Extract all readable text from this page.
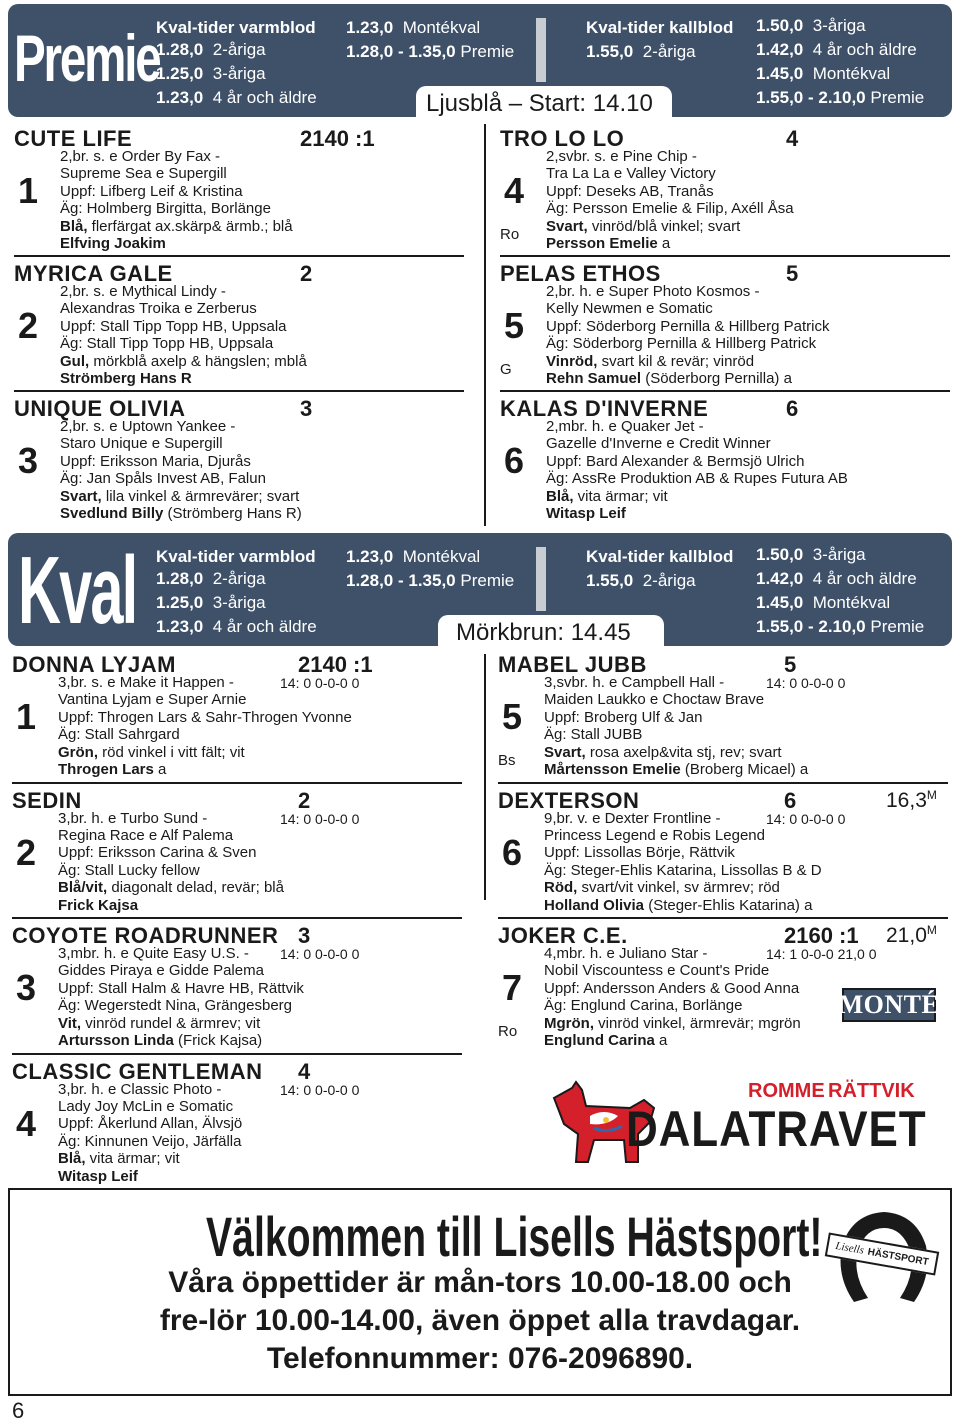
Premie
Kval-tider varmblod
1.28,0 2-åriga
1.25,0 3-åriga
1.23,0 4 år och äldre
1.23,0 Montékval
1.28,0 - 1.35,0 Premie
Kval-tider kallblod
1.55,0 2-åriga
1.50,0 3-åriga
1.42,0 4 år och äldre
1.45,0 Montékval
1.55,0 - 2.10,0 Premie
Ljusblå – Start: 14.10
CUTE LIFE	2140 :1
1
2,br. s. e Order By Fax -
Supreme Sea e Supergill
Uppf: Lifberg Leif & Kristina
Äg: Holmberg Birgitta, Borlänge
Blå, flerfärgat ax.skärp& ärmb.; blå
Elfving Joakim
MYRICA GALE	2
2
2,br. s. e Mythical Lindy -
Alexandras Troika e Zerberus
Uppf: Stall Tipp Topp HB, Uppsala
Äg: Stall Tipp Topp HB, Uppsala
Gul, mörkblå axelp & hängslen; mblå
Strömberg Hans R
UNIQUE OLIVIA	3
3
2,br. s. e Uptown Yankee -
Staro Unique e Supergill
Uppf: Eriksson Maria, Djurås
Äg: Jan Spåls Invest AB, Falun
Svart, lila vinkel & ärmrevärer; svart
Svedlund Billy (Strömberg Hans R)
TRO LO LO	4
4
Ro
2,svbr. s. e Pine Chip -
Tra La La e Valley Victory
Uppf: Deseks AB, Tranås
Äg: Persson Emelie & Filip, Axéll Åsa
Svart, vinröd/blå vinkel; svart
Persson Emelie a
PELAS ETHOS	5
5
G
2,br. h. e Super Photo Kosmos -
Kelly Newmen e Somatic
Uppf: Söderborg Pernilla & Hillberg Patrick
Äg: Söderborg Pernilla & Hillberg Patrick
Vinröd, svart kil & revär; vinröd
Rehn Samuel (Söderborg Pernilla) a
KALAS D'INVERNE	6
6
2,mbr. h. e Quaker Jet -
Gazelle d'Inverne e Credit Winner
Uppf: Bard Alexander & Bermsjö Ulrich
Äg: AssRe Produktion AB & Rupes Futura AB
Blå, vita ärmar; vit
Witasp Leif
Kval Kval-tider varmblod
1.28,0 2-åriga
1.25,0 3-åriga
1.23,0 4 år och äldre
1.23,0 Montékval
1.28,0 - 1.35,0 Premie
Kval-tider kallblod
1.55,0 2-åriga
1.50,0 3-åriga
1.42,0 4 år och äldre
1.45,0 Montékval
1.55,0 - 2.10,0 Premie
Mörkbrun: 14.45
DONNA LYJAM	2140 :1
1
3,br. s. e Make it Happen -
Vantina Lyjam e Super Arnie
Uppf: Throgen Lars & Sahr-Throgen Yvonne
Äg: Stall Sahrgard
14: 0 0-0-0 0
Grön, röd vinkel i vitt fält; vit
Throgen Lars a
SEDIN	2
2
3,br. h. e Turbo Sund -
Regina Race e Alf Palema
Uppf: Eriksson Carina & Sven
Äg: Stall Lucky fellow
14: 0 0-0-0 0
Blå/vit, diagonalt delad, revär; blå
Frick Kajsa
COYOTE ROADRUNNER 3
3
3,mbr. h. e Quite Easy U.S. -
Giddes Piraya e Gidde Palema
Uppf: Stall Halm & Havre HB, Rättvik
Äg: Wegerstedt Nina, Grängesberg
14: 0 0-0-0 0
Vit, vinröd rundel & ärmrev; vit
Artursson Linda (Frick Kajsa)
CLASSIC GENTLEMAN 4
4
3,br. h. e Classic Photo -
Lady Joy McLin e Somatic
Uppf: Åkerlund Allan, Älvsjö
Äg: Kinnunen Veijo, Järfälla
14: 0 0-0-0 0
Blå, vita ärmar; vit
Witasp Leif
MABEL JUBB	5
5
Bs
3,svbr. h. e Campbell Hall -
Maiden Laukko e Choctaw Brave
Uppf: Broberg Ulf & Jan
Äg: Stall JUBB
14: 0 0-0-0 0
Svart, rosa axelp&vita stj, rev; svart
Mårtensson Emelie (Broberg Micael) a
DEXTERSON	6	$16,3^M$
6
9,br. v. e Dexter Frontline -
Princess Legend e Robis Legend
Uppf: Lissollas Börje, Rättvik
Äg: Steger-Ehlis Katarina, Lissollas B & D
14: 0 0-0-0 0
Röd, svart/vit vinkel, sv ärmrev; röd
Holland Olivia (Steger-Ehlis Katarina) a
JOKER C.E.	2160 :1 $21,0^M$
7
Ro
4,mbr. h. e Juliano Star -
Nobil Viscountess e Count's Pride
Uppf: Andersson Anders & Good Anna
Äg: Englund Carina, Borlänge
14: 1 0-0-0 21,0 0
Mgrön, vinröd vinkel, ärmrevär; mgrön
Englund Carina a
MONTÉ
ROMME RÄTTVIK
DALATRAVET
Välkommen till Lisells Hästsport!
Våra öppettider är mån-tors 10.00-18.00 och
fre-lör 10.00-14.00, även öppet alla travdagar.
Telefonnummer: 076-2096890.
Lisells HÄSTSPORT
6
